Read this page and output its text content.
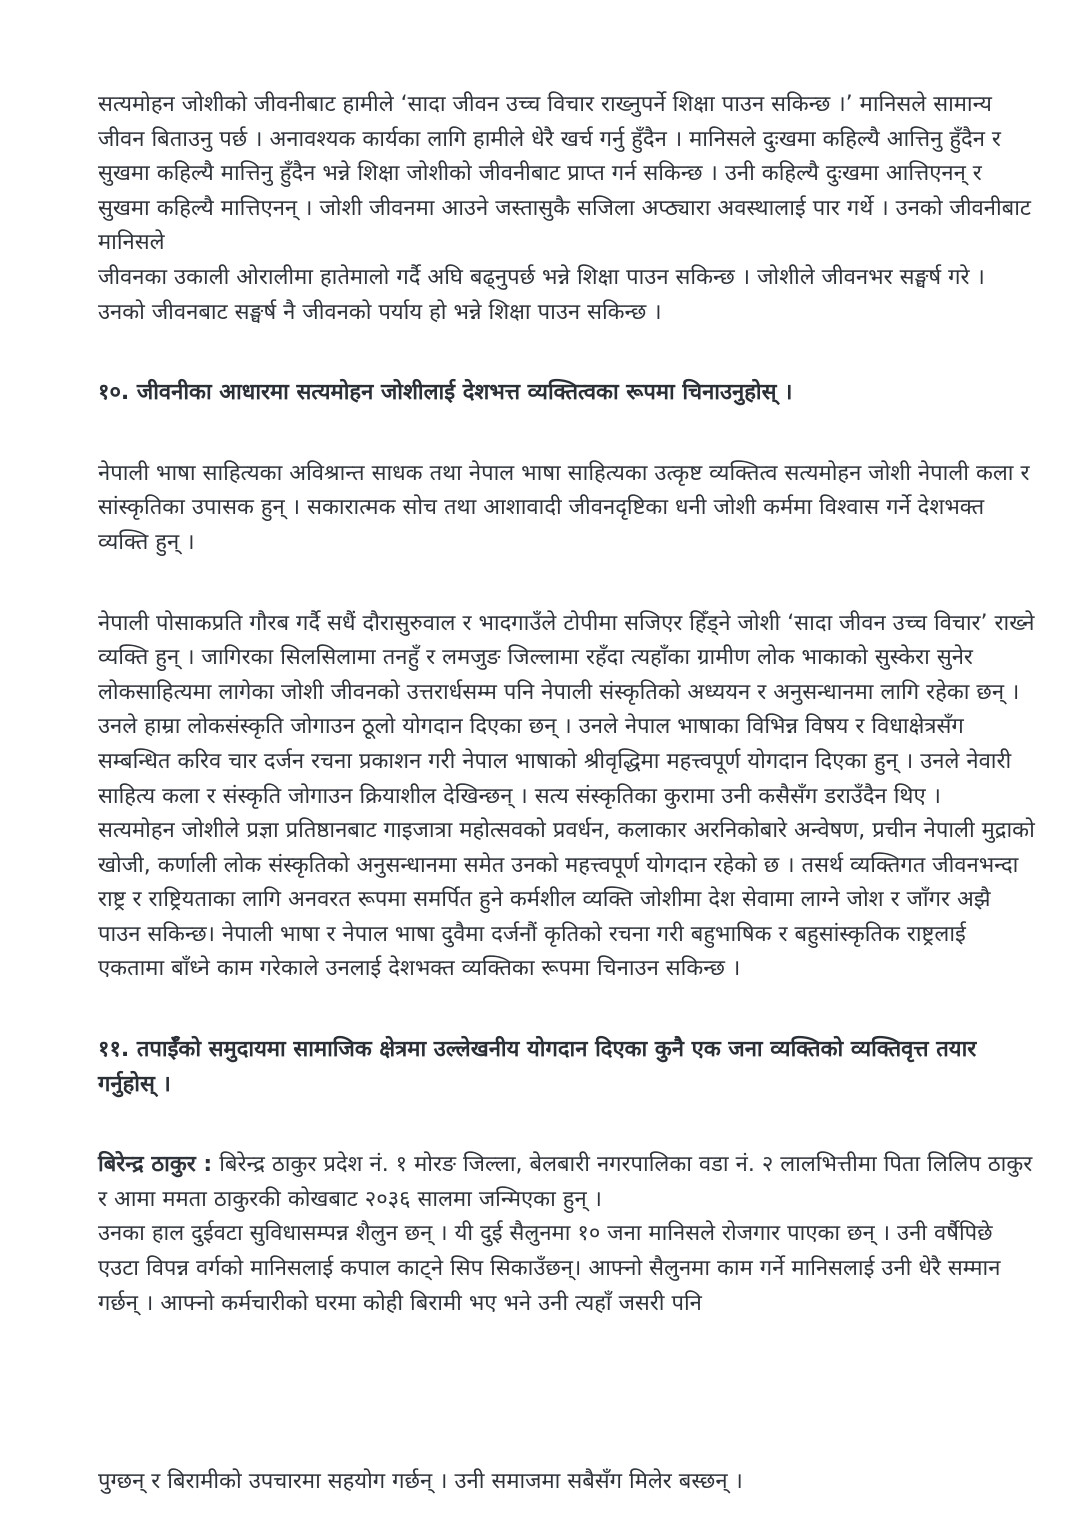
सत्यमोहन जोशीको जीवनीबाट हामीले ‘सादा जीवन उच्च विचार राख्नुपर्ने शिक्षा पाउन सकिन्छ ।’ मानिसले सामान्य जीवन बिताउनु पर्छ । अनावश्यक कार्यका लागि हामीले धेरै खर्च गर्नु हुँदैन । मानिसले दुःखमा कहिल्यै आत्तिनु हुँदैन र सुखमा कहिल्यै मात्तिनु हुँदैन भन्ने शिक्षा जोशीको जीवनीबाट प्राप्त गर्न सकिन्छ । उनी कहिल्यै दुःखमा आत्तिएनन् र सुखमा कहिल्यै मात्तिएनन् । जोशी जीवनमा आउने जस्तासुकै सजिला अप्ठ्यारा अवस्थालाई पार गर्थे । उनको जीवनीबाट मानिसले

जीवनका उकाली ओरालीमा हातेमालो गर्दै अघि बढ्नुपर्छ भन्ने शिक्षा पाउन सकिन्छ । जोशीले जीवनभर सङ्घर्ष गरे । उनको जीवनबाट सङ्घर्ष नै जीवनको पर्याय हो भन्ने शिक्षा पाउन सकिन्छ ।

१०. जीवनीका आधारमा सत्यमोहन जोशीलाई देशभत्त व्यक्तित्वका रूपमा चिनाउनुहोस् ।

नेपाली भाषा साहित्यका अविश्रान्त साधक तथा नेपाल भाषा साहित्यका उत्कृष्ट व्यक्तित्व सत्यमोहन जोशी नेपाली कला र सांस्कृतिका उपासक हुन् । सकारात्मक सोच तथा आशावादी जीवनदृष्टिका धनी जोशी कर्ममा विश्वास गर्ने देशभक्त व्यक्ति हुन् ।

नेपाली पोसाकप्रति गौरब गर्दै सधैं दौरासुरुवाल र भादगाउँले टोपीमा सजिएर हिँड्ने जोशी ‘सादा जीवन उच्च विचार’ राख्ने व्यक्ति हुन् । जागिरका सिलसिलामा तनहुँ र लमजुङ जिल्लामा रहँदा त्यहाँका ग्रामीण लोक भाकाको सुस्केरा सुनेर लोकसाहित्यमा लागेका जोशी जीवनको उत्तरार्धसम्म पनि नेपाली संस्कृतिको अध्ययन र अनुसन्धानमा लागि रहेका छन् । उनले हाम्रा लोकसंस्कृति जोगाउन ठूलो योगदान दिएका छन् । उनले नेपाल भाषाका विभिन्न विषय र विधाक्षेत्रसँग सम्बन्धित करिव चार दर्जन रचना प्रकाशन गरी नेपाल भाषाको श्रीवृद्धिमा महत्त्वपूर्ण योगदान दिएका हुन् । उनले नेवारी साहित्य कला र संस्कृति जोगाउन क्रियाशील देखिन्छन् । सत्य संस्कृतिका कुरामा उनी कसैसँग डराउँदैन थिए ।

सत्यमोहन जोशीले प्रज्ञा प्रतिष्ठानबाट गाइजात्रा महोत्सवको प्रवर्धन, कलाकार अरनिकोबारे अन्वेषण, प्रचीन नेपाली मुद्राको खोजी, कर्णाली लोक संस्कृतिको अनुसन्धानमा समेत उनको महत्त्वपूर्ण योगदान रहेको छ । तसर्थ व्यक्तिगत जीवनभन्दा राष्ट्र र राष्ट्रियताका लागि अनवरत रूपमा समर्पित हुने कर्मशील व्यक्ति जोशीमा देश सेवामा लाग्ने जोश र जाँगर अझै पाउन सकिन्छ। नेपाली भाषा र नेपाल भाषा दुवैमा दर्जनौं कृतिको रचना गरी बहुभाषिक र बहुसांस्कृतिक राष्ट्रलाई एकतामा बाँध्ने काम गरेकाले उनलाई देशभक्त व्यक्तिका रूपमा चिनाउन सकिन्छ ।

११. तपाईँको समुदायमा सामाजिक क्षेत्रमा उल्लेखनीय योगदान दिएका कुनै एक जना व्यक्तिको व्यक्तिवृत्त तयार गर्नुहोस् ।

बिरेन्द्र ठाकुर : बिरेन्द्र ठाकुर प्रदेश नं. १ मोरङ जिल्ला, बेलबारी नगरपालिका वडा नं. २ लालभित्तीमा पिता लिलिप ठाकुर र आमा ममता ठाकुरकी कोखबाट २०३६ सालमा जन्मिएका हुन् ।

उनका हाल दुईवटा सुविधासम्पन्न शैलुन छन् । यी दुई सैलुनमा १० जना मानिसले रोजगार पाएका छन् । उनी वर्षैपिछे एउटा विपन्न वर्गको मानिसलाई कपाल काट्ने सिप सिकाउँछन्। आफ्नो सैलुनमा काम गर्ने मानिसलाई उनी धेरै सम्मान गर्छन् । आफ्नो कर्मचारीको घरमा कोही बिरामी भए भने उनी त्यहाँ जसरी पनि

पुग्छन् र बिरामीको उपचारमा सहयोग गर्छन् । उनी समाजमा सबैसँग मिलेर बस्छन् ।
